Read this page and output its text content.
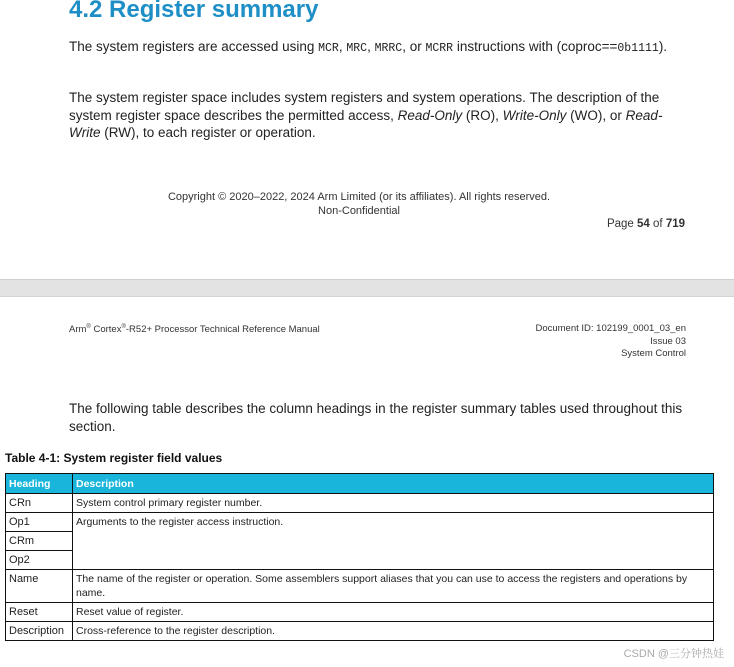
4.2 Register summary

The system registers are accessed using MCR, MRC, MRRC, or MCRR instructions with (coproc==0b1111).

The system register space includes system registers and system operations. The description of the system register space describes the permitted access, Read-Only (RO), Write-Only (WO), or Read-Write (RW), to each register or operation.

Copyright © 2020–2022, 2024 Arm Limited (or its affiliates). All rights reserved.
Non-Confidential
Page 54 of 719
Arm® Cortex®-R52+ Processor Technical Reference Manual	Document ID: 102199_0001_03_en
Issue 03
System Control

The following table describes the column headings in the register summary tables used throughout this section.

Table 4-1: System register field values
Heading	Description
CRn	System control primary register number.
Op1	Arguments to the register access instruction.
CRm	
Op2	
Name	The name of the register or operation. Some assemblers support aliases that you can use to access the registers and operations by name.
Reset	Reset value of register.
Description	Cross-reference to the register description.
CSDN @三分钟热娃
